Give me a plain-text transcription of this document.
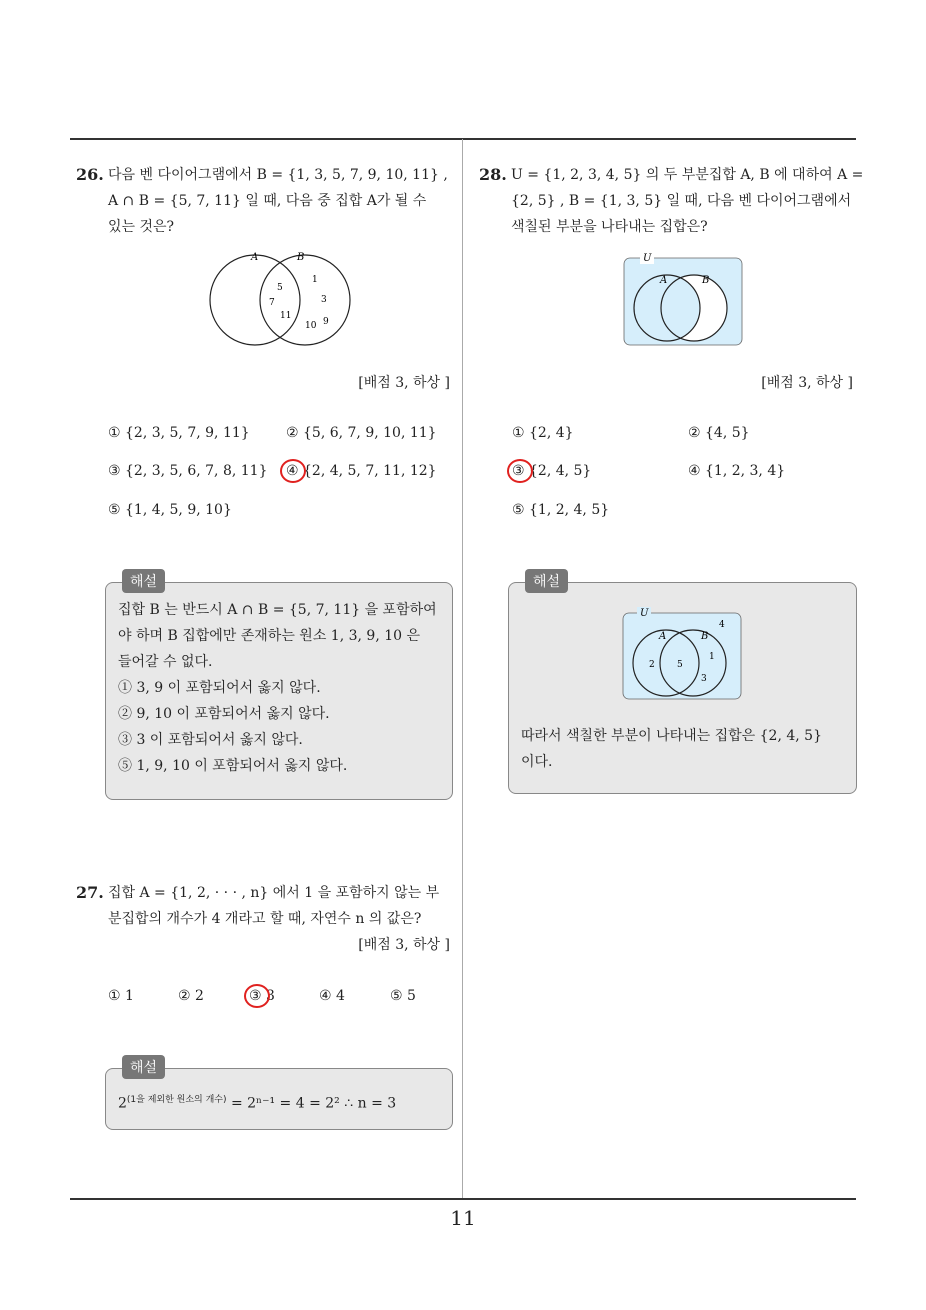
11
26. 다음 벤 다이어그램에서 B = {1, 3, 5, 7, 9, 10, 11} ,
A ∩ B = {5, 7, 11} 일 때, 다음 중 집합 A가 될 수
있는 것은?
A	B
5
7
11
1
3
10 9
[배점 3, 하상 ]
① {2, 3, 5, 7, 9, 11}	② {5, 6, 7, 9, 10, 11}
③ {2, 3, 5, 6, 7, 8, 11} ④ {2, 4, 5, 7, 11, 12}
⑤ {1, 4, 5, 9, 10}
해설
집합 B 는 반드시 A ∩ B = {5, 7, 11} 을 포함하여
야 하며 B 집합에만 존재하는 원소 1, 3, 9, 10 은
들어갈 수 없다.
① 3, 9 이 포함되어서 옳지 않다.
② 9, 10 이 포함되어서 옳지 않다.
③ 3 이 포함되어서 옳지 않다.
⑤ 1, 9, 10 이 포함되어서 옳지 않다.
27. 집합 A = {1, 2, · · · , n} 에서 1 을 포함하지 않는 부
분집합의 개수가 4 개라고 할 때, 자연수 n 의 값은?
[배점 3, 하상 ]
① 1	② 2	③ 3	④ 4	⑤ 5
해설
$2^{(1을 제외한 원소의 개수)} = 2^{n-1} = 4 = 2^2$ ∴ n = 3
28. U = {1, 2, 3, 4, 5} 의 두 부분집합 A, B 에 대하여 A =
{2, 5} , B = {1, 3, 5} 일 때, 다음 벤 다이어그램에서
색칠된 부분을 나타내는 집합은?
U
A	B
[배점 3, 하상 ]
① {2, 4}	② {4, 5}
③ {2, 4, 5}	④ {1, 2, 3, 4}
⑤ {1, 2, 4, 5}
해설
U
A	B
4
2 5
1
3
따라서 색칠한 부분이 나타내는 집합은 {2, 4, 5}
이다.
